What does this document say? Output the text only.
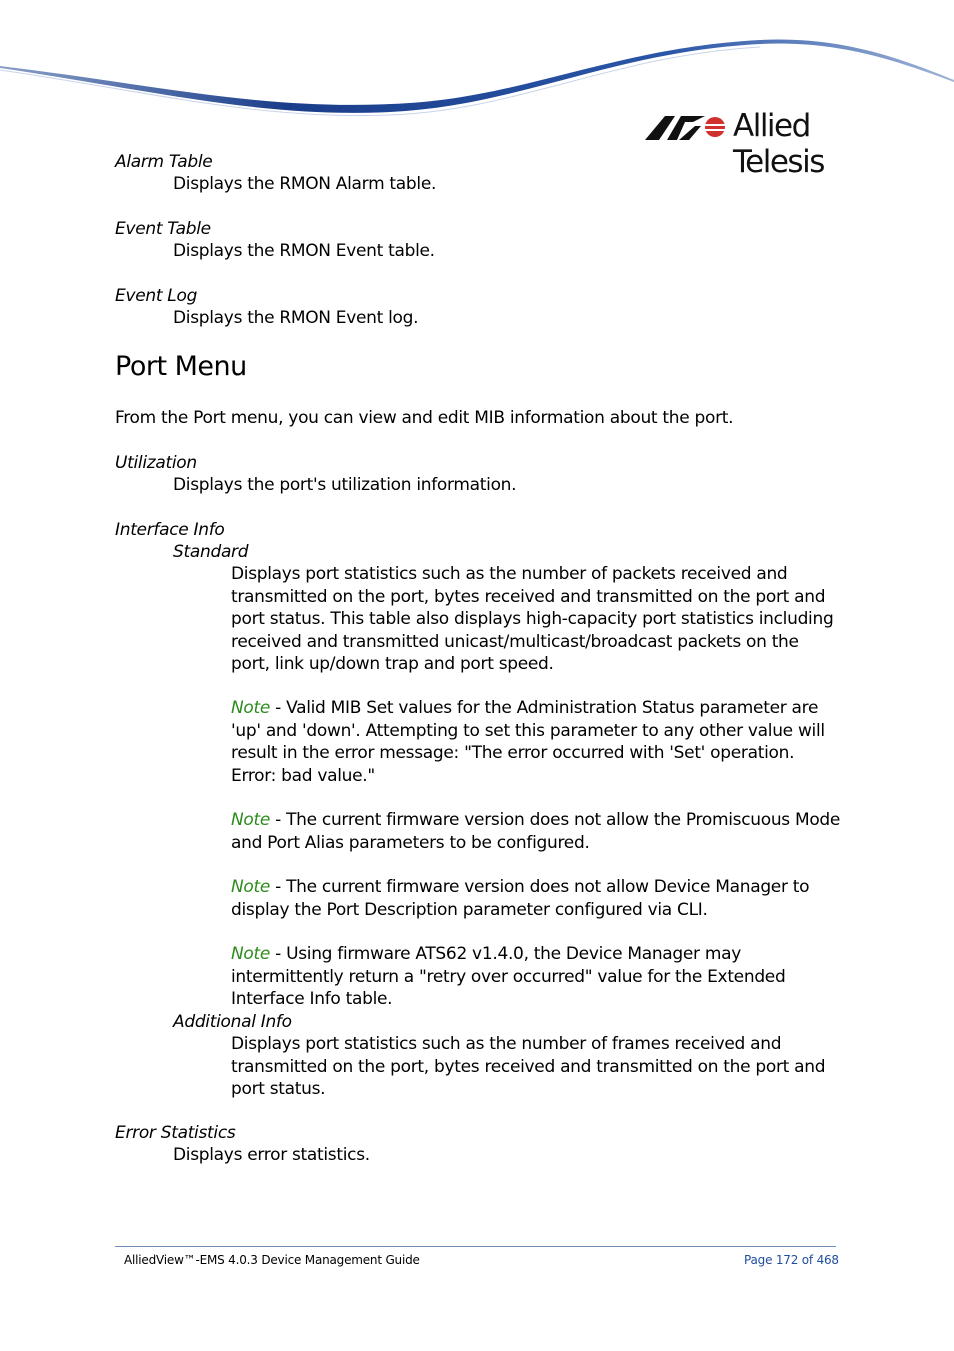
Allied Telesis
Alarm Table
Displays the RMON Alarm table.
Event Table
Displays the RMON Event table.
Event Log
Displays the RMON Event log.
Port Menu
From the Port menu, you can view and edit MIB information about the port.
Utilization
Displays the port's utilization information.
Interface Info
Standard
Displays port statistics such as the number of packets received and transmitted on the port, bytes received and transmitted on the port and port status. This table also displays high-capacity port statistics including received and transmitted unicast/multicast/broadcast packets on the port, link up/down trap and port speed.
Note - Valid MIB Set values for the Administration Status parameter are 'up' and 'down'. Attempting to set this parameter to any other value will result in the error message: "The error occurred with 'Set' operation. Error: bad value."
Note - The current firmware version does not allow the Promiscuous Mode and Port Alias parameters to be configured.
Note - The current firmware version does not allow Device Manager to display the Port Description parameter configured via CLI.
Note - Using firmware ATS62 v1.4.0, the Device Manager may intermittently return a "retry over occurred" value for the Extended Interface Info table.
Additional Info
Displays port statistics such as the number of frames received and transmitted on the port, bytes received and transmitted on the port and port status.
Error Statistics
Displays error statistics.
AlliedView™-EMS 4.0.3 Device Management Guide	Page 172 of 468
